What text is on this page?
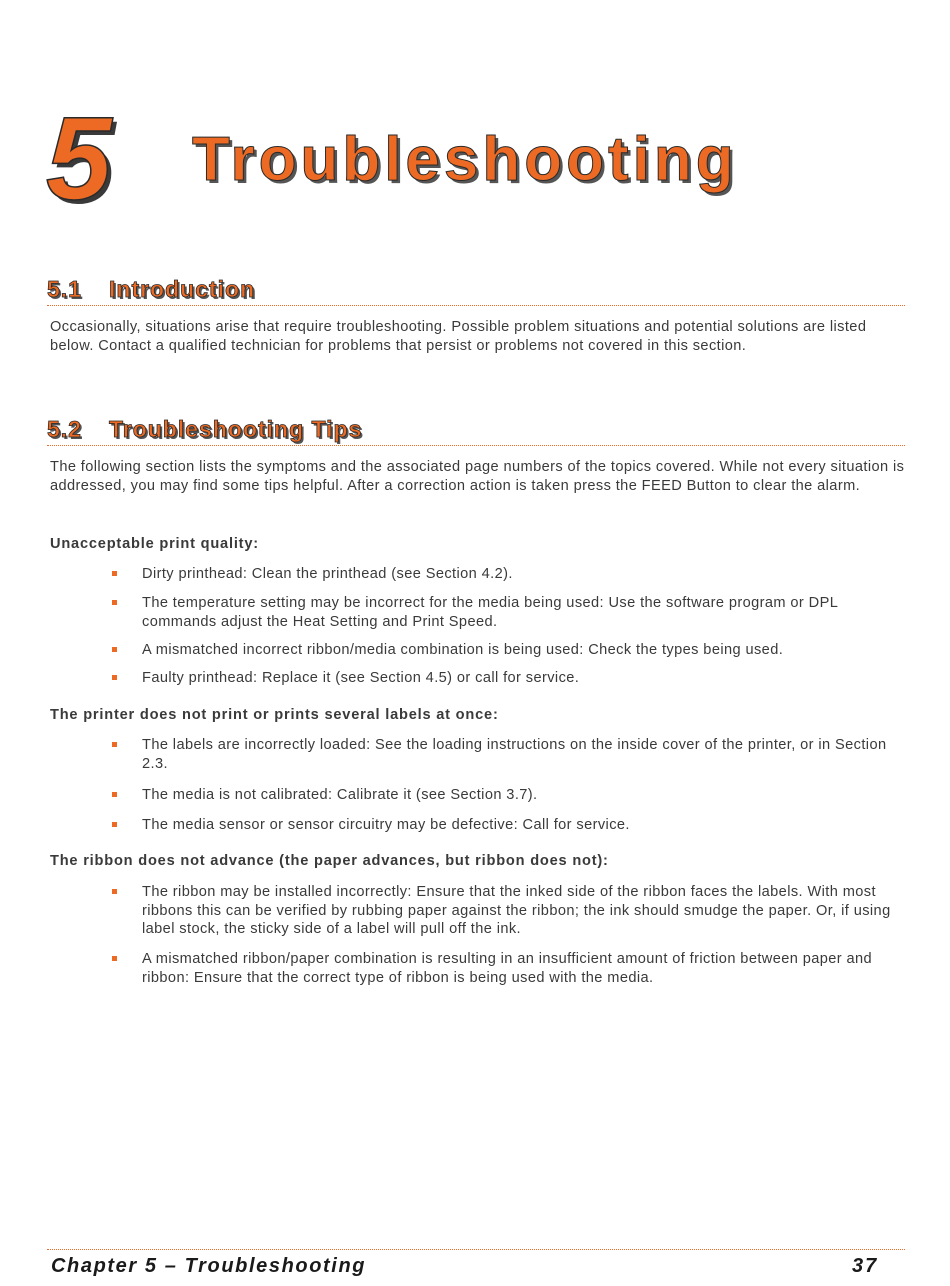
5 Troubleshooting
5.1 Introduction

Occasionally, situations arise that require troubleshooting. Possible problem situations and potential solutions are listed below. Contact a qualified technician for problems that persist or problems not covered in this section.

5.2 Troubleshooting Tips

The following section lists the symptoms and the associated page numbers of the topics covered. While not every situation is addressed, you may find some tips helpful. After a correction action is taken press the FEED Button to clear the alarm.

Unacceptable print quality:
Dirty printhead: Clean the printhead (see Section 4.2).
The temperature setting may be incorrect for the media being used: Use the software program or DPL commands adjust the Heat Setting and Print Speed.
A mismatched incorrect ribbon/media combination is being used: Check the types being used.
Faulty printhead: Replace it (see Section 4.5) or call for service.
The printer does not print or prints several labels at once:
The labels are incorrectly loaded: See the loading instructions on the inside cover of the printer, or in Section 2.3.
The media is not calibrated: Calibrate it (see Section 3.7).
The media sensor or sensor circuitry may be defective: Call for service.
The ribbon does not advance (the paper advances, but ribbon does not):
The ribbon may be installed incorrectly: Ensure that the inked side of the ribbon faces the labels. With most ribbons this can be verified by rubbing paper against the ribbon; the ink should smudge the paper. Or, if using label stock, the sticky side of a label will pull off the ink.
A mismatched ribbon/paper combination is resulting in an insufficient amount of friction between paper and ribbon: Ensure that the correct type of ribbon is being used with the media.
Chapter 5 – Troubleshooting	37
